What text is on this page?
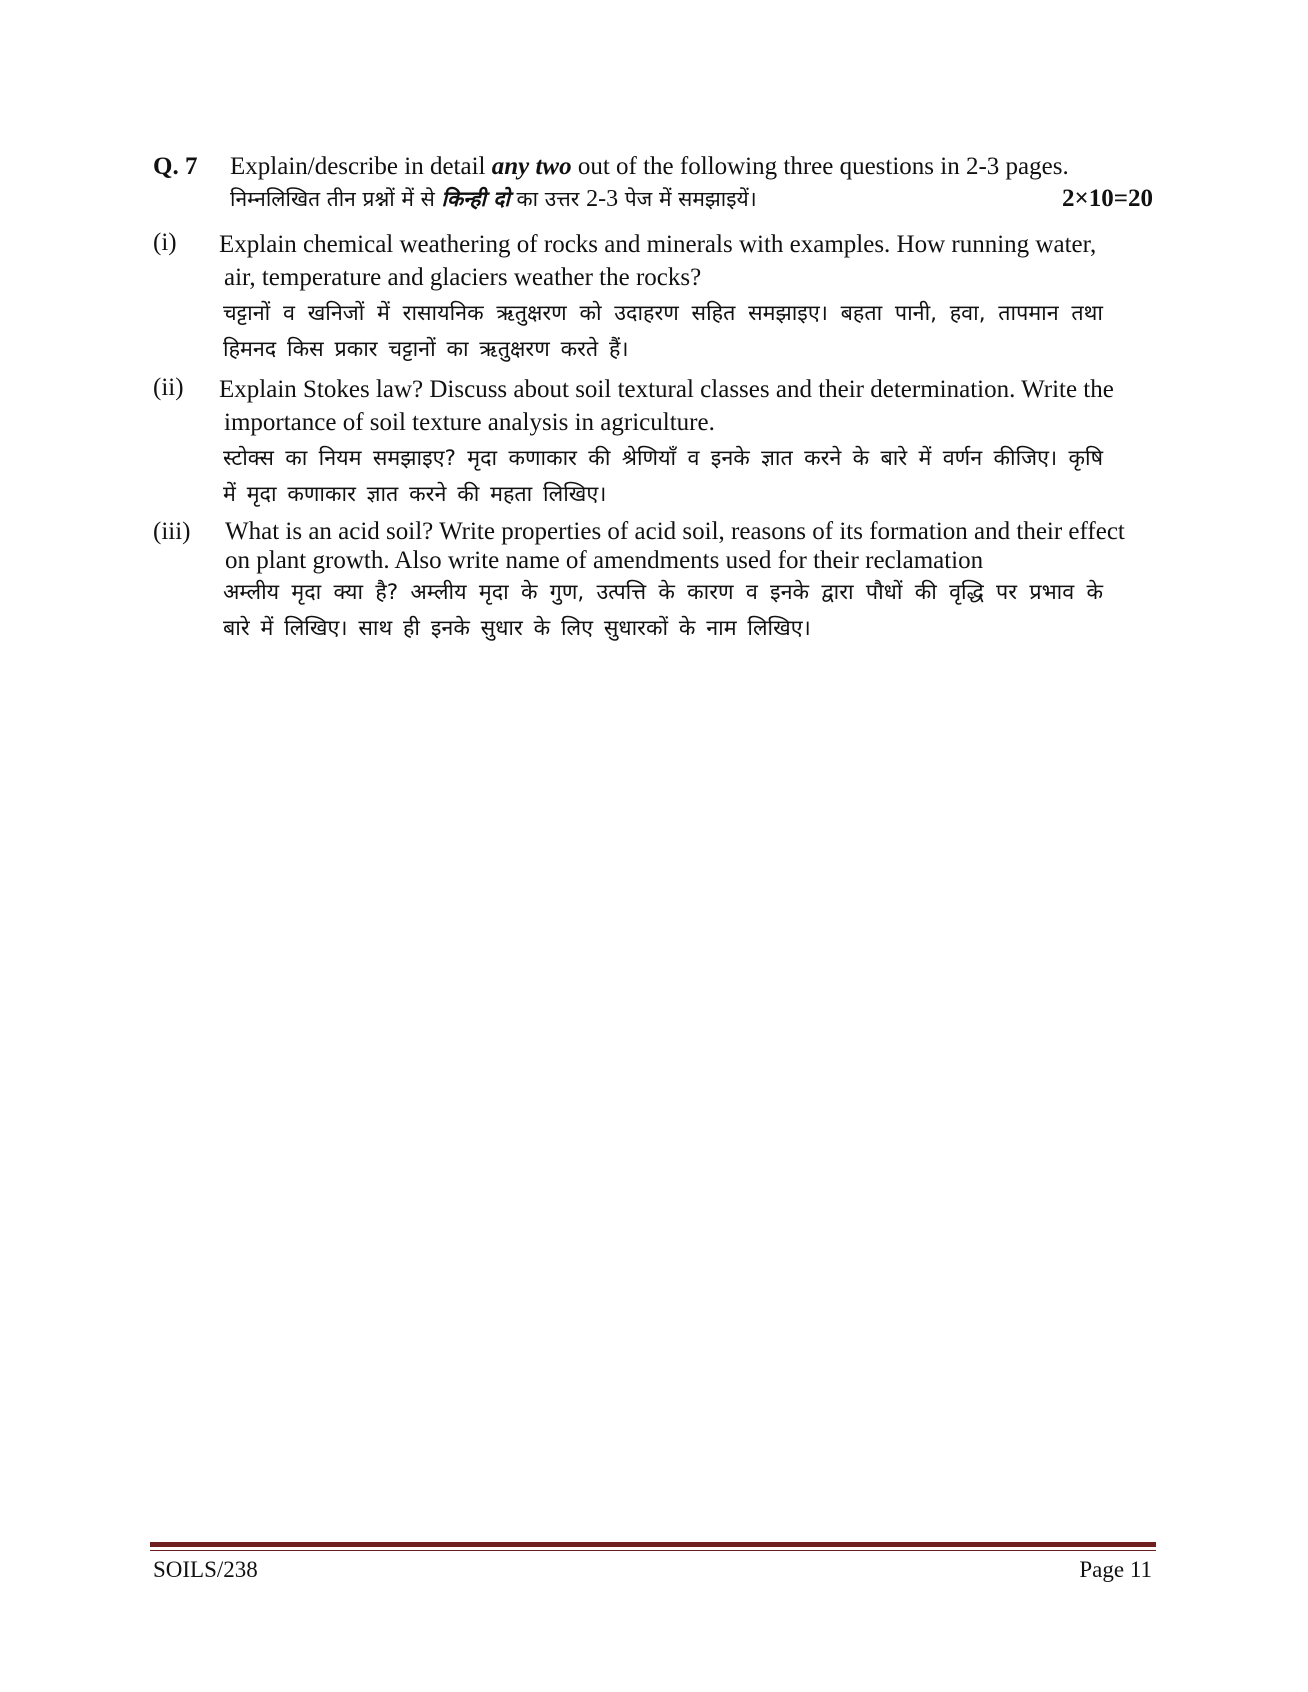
Q. 7 Explain/describe in detail any two out of the following three questions in 2-3 pages.
निम्नलिखित तीन प्रश्नों में से किन्ही दो का उत्तर 2-3 पेज में समझाइयें।	2×10=20
(i) Explain chemical weathering of rocks and minerals with examples. How running water,
air, temperature and glaciers weather the rocks?

चट्टानों व खनिजों में रासायनिक ऋतुक्षरण को उदाहरण सहित समझाइए। बहता पानी, हवा, तापमान तथा हिमनद किस प्रकार चट्टानों का ऋतुक्षरण करते हैं।
(ii) Explain Stokes law? Discuss about soil textural classes and their determination. Write the
importance of soil texture analysis in agriculture.

स्टोक्स का नियम समझाइए? मृदा कणाकार की श्रेणियाँ व इनके ज्ञात करने के बारे में वर्णन कीजिए। कृषि में मृदा कणाकार ज्ञात करने की महता लिखिए।
(iii) What is an acid soil? Write properties of acid soil, reasons of its formation and their effect
on plant growth. Also write name of amendments used for their reclamation

अम्लीय मृदा क्या है? अम्लीय मृदा के गुण, उत्पत्ति के कारण व इनके द्वारा पौधों की वृद्धि पर प्रभाव के बारे में लिखिए। साथ ही इनके सुधार के लिए सुधारकों के नाम लिखिए।
SOILS/238	Page 11
